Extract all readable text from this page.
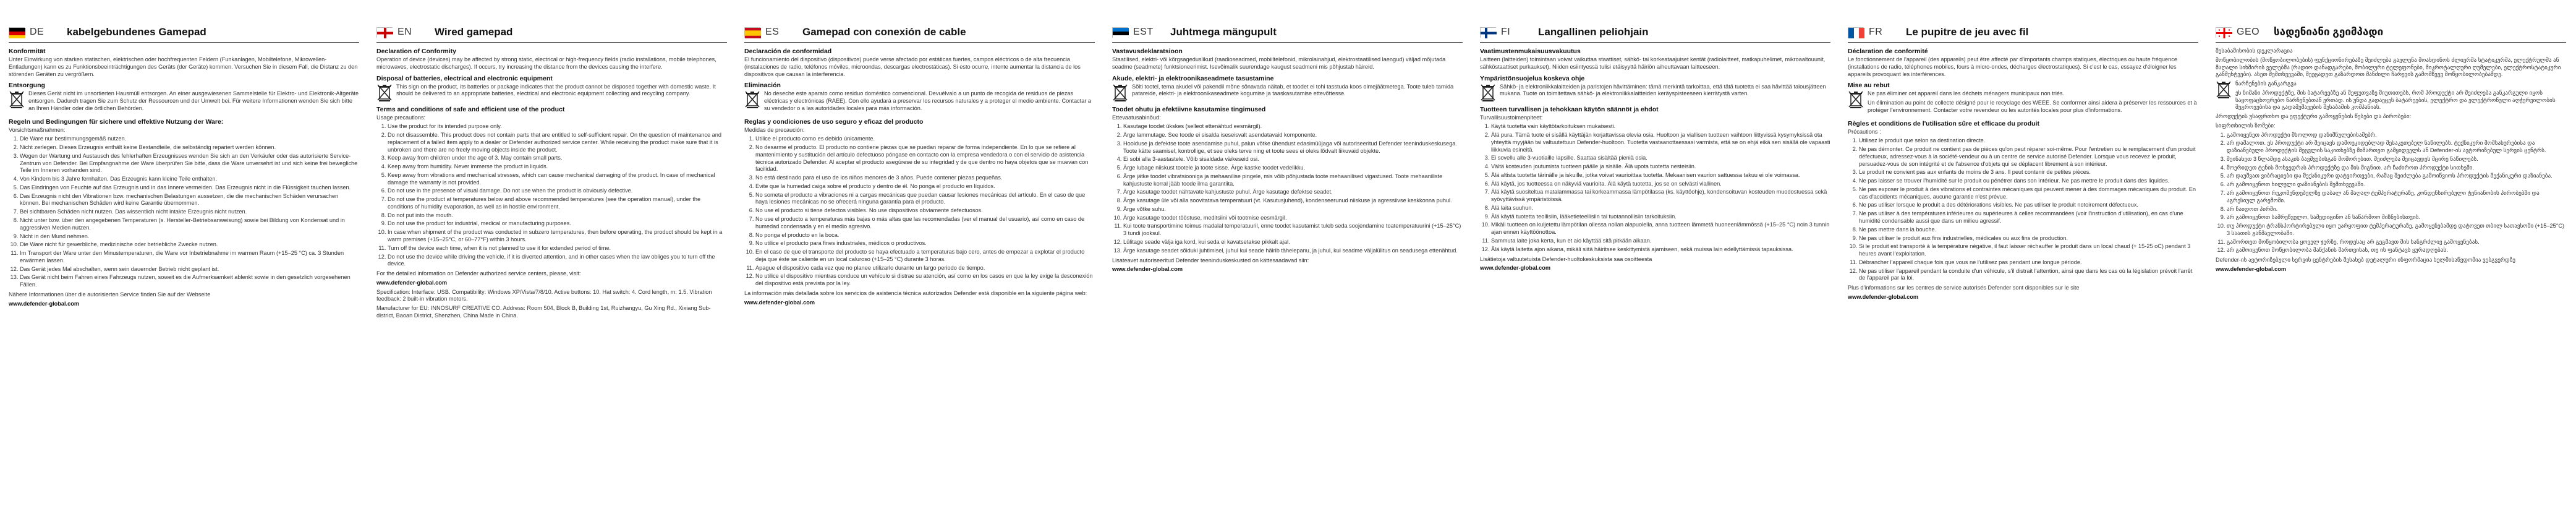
DE	kabelgebundenes Gamepad
Konformität

Unter Einwirkung von starken statischen, elektrischen oder hochfrequenten Feldern (Funkanlagen, Mobiltelefone, Mikrowellen-Entladungen) kann es zu Funktionsbeeinträchtigungen des Geräts (der Geräte) kommen. Versuchen Sie in diesem Fall, die Distanz zu den störenden Geräten zu vergrößern.

Entsorgung

Dieses Gerät nicht im unsortierten Hausmüll entsorgen. An einer ausgewiesenen Sammelstelle für Elektro- und Elektronik-Altgeräte entsorgen. Dadurch tragen Sie zum Schutz der Ressourcen und der Umwelt bei. Für weitere Informationen wenden Sie sich bitte an Ihren Händler oder die örtlichen Behörden.

Regeln und Bedingungen für sichere und effektive Nutzung der Ware:

Vorsichtsmaßnahmen:

1. Die Ware nur bestimmungsgemäß nutzen.
2. Nicht zerlegen. Dieses Erzeugnis enthält keine Bestandteile, die selbständig repariert werden können.
3. Wegen der Wartung und Austausch des fehlerhaften Erzeugnisses wenden Sie sich an den Verkäufer oder das autorisierte Service-Zentrum von Defender. Bei Empfangnahme der Ware überprüfen Sie bitte, dass die Ware unversehrt ist und sich keine frei bewegliche Teile im Inneren vorhanden sind.
4. Von Kindern bis 3 Jahre fernhalten. Das Erzeugnis kann kleine Teile enthalten.
5. Das Eindringen von Feuchte auf das Erzeugnis und in das Innere vermeiden. Das Erzeugnis nicht in die Flüssigkeit tauchen lassen.
6. Das Erzeugnis nicht den Vibrationen bzw. mechanischen Belastungen aussetzen, die die mechanischen Schäden verursachen können. Bei mechanischen Schäden wird keine Garantie übernommen.
7. Bei sichtbaren Schäden nicht nutzen. Das wissentlich nicht intakte Erzeugnis nicht nutzen.
8. Nicht unter bzw. über den angegebenen Temperaturen (s. Hersteller-Betriebsanweisung) sowie bei Bildung von Kondensat und in aggressiven Medien nutzen.
9. Nicht in den Mund nehmen.
10. Die Ware nicht für gewerbliche, medizinische oder betriebliche Zwecke nutzen.
11. Im Transport der Ware unter den Minustemperaturen, die Ware vor Inbetriebnahme im warmen Raum (+15–25 °C) ca. 3 Stunden erwärmen lassen.
12. Das Gerät jedes Mal abschalten, wenn sein dauernder Betrieb nicht geplant ist.
13. Das Gerät nicht beim Fahren eines Fahrzeugs nutzen, soweit es die Aufmerksamkeit ablenkt sowie in den gesetzlich vorgesehenen Fällen.

Nähere Informationen über die autorisierten Service finden Sie auf der Webseite

www.defender-global.com

EN	Wired gamepad
Declaration of Conformity

Operation of device (devices) may be affected by strong static, electrical or high-frequency fields (radio installations, mobile telephones, microwaves, electrostatic discharges). If occurs, try increasing the distance from the devices causing the interfere.

Disposal of batteries, electrical and electronic equipment

This sign on the product, its batteries or package indicates that the product cannot be disposed together with domestic waste. It should be delivered to an appropriate batteries, electrical and electronic equipment collecting and recycling company.

Terms and conditions of safe and efficient use of the product

Usage precautions:

1. Use the product for its intended purpose only.
2. Do not disassemble. This product does not contain parts that are entitled to self-sufficient repair. On the question of maintenance and replacement of a failed item apply to a dealer or Defender authorized service center. While receiving the product make sure that it is unbroken and there are no freely moving objects inside the product.
3. Keep away from children under the age of 3. May contain small parts.
4. Keep away from humidity. Never immerse the product in liquids.
5. Keep away from vibrations and mechanical stresses, which can cause mechanical damaging of the product. In case of mechanical damage the warranty is not provided.
6. Do not use in the presence of visual damage. Do not use when the product is obviously defective.
7. Do not use the product at temperatures below and above recommended temperatures (see the operation manual), under the conditions of humidity evaporation, as well as in hostile environment.
8. Do not put into the mouth.
9. Do not use the product for industrial, medical or manufacturing purposes.
10. In case when shipment of the product was conducted in subzero temperatures, then before operating, the product should be kept in a warm premises (+15–25°C, or 60–77°F) within 3 hours.
11. Turn off the device each time, when it is not planned to use it for extended period of time.
12. Do not use the device while driving the vehicle, if it is diverted attention, and in other cases when the law obliges you to turn off the device.

For the detailed information on Defender authorized service centers, please, visit:

www.defender-global.com

Specification: Interface: USB. Compatibility: Windows XP/Vista/7/8/10. Active buttons: 10. Hat switch: 4. Cord length, m: 1.5. Vibration feedback: 2 built-in vibration motors.

Manufacturer for EU: INNOSURF CREATIVE CO. Address: Room 504, Block B, Building 1st, Ruizhangyu, Gu Xing Rd., Xixiang Sub-district, Baoan District, Shenzhen, China Made in China.

ES	Gamepad con conexión de cable
Declaración de conformidad

El funcionamiento del dispositivo (dispositivos) puede verse afectado por estáticas fuertes, campos eléctricos o de alta frecuencia (instalaciones de radio, teléfonos móviles, microondas, descargas electrostáticas). Si esto ocurre, intente aumentar la distancia de los dispositivos que causan la interferencia.

Eliminación

No deseche este aparato como residuo doméstico convencional. Devuélvalo a un punto de recogida de residuos de piezas eléctricas y electrónicas (RAEE). Con ello ayudará a preservar los recursos naturales y a proteger el medio ambiente. Contactar a su vendedor o a las autoridades locales para más información.

Reglas y condiciones de uso seguro y eficaz del producto

Medidas de precaución:

1. Utilice el producto como es debido únicamente.
2. No desarme el producto. El producto no contiene piezas que se puedan reparar de forma independiente. En lo que se refiere al mantenimiento y sustitución del artículo defectuoso póngase en contacto con la empresa vendedora o con el servicio de asistencia técnica autorizado Defender. Al aceptar el producto asegúrese de su integridad y de que dentro no haya objetos que se muevan con facilidad.
3. No está destinado para el uso de los niños menores de 3 años. Puede contener piezas pequeñas.
4. Evite que la humedad caiga sobre el producto y dentro de él. No ponga el producto en líquidos.
5. No someta el producto a vibraciones ni a cargas mecánicas que puedan causar lesiones mecánicas del artículo. En el caso de que haya lesiones mecánicas no se ofrecerá ninguna garantía para el producto.
6. No use el producto si tiene defectos visibles. No use dispositivos obviamente defectuosos.
7. No use el producto a temperaturas más bajas o más altas que las recomendadas (ver el manual del usuario), así como en caso de humedad condensada y en el medio agresivo.
8. No ponga el producto en la boca.
9. No utilice el producto para fines industriales, médicos o productivos.
10. En el caso de que el transporte del producto se haya efectuado a temperaturas bajo cero, antes de empezar a explotar el producto deja que éste se caliente en un local caluroso (+15–25 °C) durante 3 horas.
11. Apague el dispositivo cada vez que no planee utilizarlo durante un largo periodo de tiempo.
12. No utilice el dispositivo mientras conduce un vehículo si distrae su atención, así como en los casos en que la ley exige la desconexión del dispositivo está prevista por la ley.

La información más detallada sobre los servicios de asistencia técnica autorizados Defender está disponible en la siguiente página web:

www.defender-global.com

EST	Juhtmega mängupult
Vastavusdeklaratsioon

Staatilised, elektri- või kõrgsageduslikud (raadioseadmed, mobiiltelefonid, mikrolainahjud, elektrostaatilised laengud) väljad mõjutada seadme (seadmete) funktsioneerimist. Isevõimalik suurendage kaugust seadmeni mis põhjustab häireid.

Akude, elektri- ja elektroonikaseadmete tasustamine

Sõlti tootel, tema akudel või pakendil mõne sõnavada näitab, et toodet ei tohi tasstuda koos olmejäätmetega. Toote tuleb tarnida patareide, elektri- ja elektroonikaseadmete kogumise ja taaskasutamise ettevõttesse.

Toodet ohutu ja efektiivne kasutamise tingimused

Ettevaatusabinõud:

1. Kasutage toodet ükskes (selleot ettenähtud eesmärgil).
2. Ärge lammutage. See toode ei sisalda iseseisvalt asendatavaid komponente.
3. Hoolduse ja defektse toote asendamise puhul, palun võtke ühendust edasimüüjaga või autoriseeritud Defender teeninduskeskusega. Toote kätte saamisel, kontrollige, et see oleks terve ning et toote sees ei oleks lõdvalt liikuvaid objekte.
4. Ei sobi alla 3-aastastele. Võib sisaldada väikeseid osi.
5. Ärge lubage niiskust tootele ja toote sisse. Ärge kastke toodet vedelikku.
6. Ärge jätke toodet vibratsiooniga ja mehaanilise pingele, mis võib põhjustada toote mehaanilised vigastused. Toote mehaaniliste kahjustuste korral jääb toode ilma garantiita.
7. Ärge kasutage toodet nähtavate kahjustuste puhul. Ärge kasutage defektse seadet.
8. Ärge kasutage üle või alla soovitatava temperatuuri (vt. Kasutusjuhend), kondenseerunud niiskuse ja agressiivse keskkonna puhul.
9. Ärge võtke suhu.
10. Ärge kasutage toodet tööstuse, meditsiini või tootmise eesmärgil.
11. Kui toote transportimine toimus madalal temperatuuril, enne toodet kasutamist tuleb seda soojendamine toatemperatuurini (+15–25°C) 3 tundi jooksul.
12. Lülitage seade välja iga kord, kui seda ei kavatsetakse pikkalt ajal.
13. Ärge kasutage seadet sõiduki juhtimisel, juhul kui seade häirib tähelepanu, ja juhul, kui seadme väljalülitus on seadusega ettenähtud.

Lisateavet autoriseeritud Defender teeninduskeskusted on kättesaadavad siin:

www.defender-global.com

FI	Langallinen peliohjain
Vaatimustenmukaisuusvakuutus

Laitteen (laitteiden) toimintaan voivat vaikuttaa staattiset, sähkö- tai korkeataajuiset kentät (radiolaitteet, matkapuhelimet, mikroaaltouunit, sähköstaattiset purkaukset). Niiden esiintyessä tulisi etäisyyttä häiriön aiheuttavaan laitteeseen.

Ympäristönsuojelua koskeva ohje

Sähkö- ja elektroniikkalaitteiden ja paristojen hävittäminen: tämä merkintä tarkoittaa, että tätä tuotetta ei saa hävittää talousjätteen mukana. Tuote on toimitettava sähkö- ja elektroniikkalaitteiden keräyspisteeseen kierrätystä varten.

Tuotteen turvallisen ja tehokkaan käytön säännöt ja ehdot

Turvallisuustoimenpiteet:

1. Käytä tuotetta vain käyttötarkoituksen mukaisesti.
2. Älä pura. Tämä tuote ei sisällä käyttäjän korjattavissa olevia osia. Huoltoon ja viallisen tuotteen vaihtoon liittyvissä kysymyksissä ota yhteyttä myyjään tai valtuutettuun Defender-huoltoon. Tuotetta vastaanottaessasi varmista, että se on ehjä eikä sen sisällä ole vapaasti liikkuvia esineitä.
3. Ei sovellu alle 3-vuotiaille lapsille. Saattaa sisältää pieniä osia.
4. Vältä kosteuden joutumista tuotteen päälle ja sisälle. Älä upota tuotetta nesteisiin.
5. Älä altista tuotetta tärinälle ja iskuille, jotka voivat vaurioittaa tuotetta. Mekaanisen vaurion sattuessa takuu ei ole voimassa.
6. Älä käytä, jos tuotteessa on näkyviä vaurioita. Älä käytä tuotetta, jos se on selvästi viallinen.
7. Älä käytä suositeltua matalammassa tai korkeammassa lämpötilassa (ks. käyttöohje), kondensoituvan kosteuden muodostuessa sekä syövyttävissä ympäristöissä.
8. Älä laita suuhun.
9. Älä käytä tuotetta teollisiin, lääketieteellisiin tai tuotannollisiin tarkoituksiin.
10. Mikäli tuotteen on kuljetettu lämpötilan ollessa nollan alapuolella, anna tuotteen lämmetä huoneenlämmössä (+15–25 °C) noin 3 tunnin ajan ennen käyttöönottoa.
11. Sammuta laite joka kerta, kun et aio käyttää sitä pitkään aikaan.
12. Älä käytä laitetta ajon aikana, mikäli siitä häiritsee keskittymistä ajamiseen, sekä muissa lain edellyttämissä tapauksissa.

Lisätietoja valtuutetuista Defender-huoltokeskuksista saa osoitteesta

www.defender-global.com

FR	Le pupitre de jeu avec fil
Déclaration de conformité

Le fonctionnement de l'appareil (des appareils) peut être affecté par d'importants champs statiques, électriques ou haute fréquence (installations de radio, téléphones mobiles, fours à micro-ondes, décharges électrostatiques). Si c'est le cas, essayez d'éloigner les appareils provoquant les interférences.

Mise au rebut

Ne pas éliminer cet appareil dans les déchets ménagers municipaux non triés.

Un élimination au point de collecte désigné pour le recyclage des WEEE. Se conformer ainsi aidera à préserver les ressources et à protéger l'environnement. Contacter votre revendeur ou les autorités locales pour plus d'informations.

Règles et conditions de l'utilisation sûre et efficace du produit

Précautions :

1. Utilisez le produit que selon sa destination directe.
2. Ne pas démonter. Ce produit ne contient pas de pièces qu'on peut réparer soi-même. Pour l'entretien ou le remplacement d'un produit défectueux, adressez-vous à la société-vendeur ou à un centre de service autorisé Defender. Lorsque vous recevez le produit, persuadez-vous de son intégrité et de l'absence d'objets qui se déplacent librement à son intérieur.
3. Le produit ne convient pas aux enfants de moins de 3 ans. Il peut contenir de petites pièces.
4. Ne pas laisser se trouver l'humidité sur le produit ou pénétrer dans son intérieur. Ne pas mettre le produit dans des liquides.
5. Ne pas exposer le produit à des vibrations et contraintes mécaniques qui peuvent mener à des dommages mécaniques du produit. En cas d'accidents mécaniques, aucune garantie n'est prévue.
6. Ne pas utiliser lorsque le produit a des détériorations visibles. Ne pas utiliser le produit notoirement défectueux.
7. Ne pas utiliser à des températures inférieures ou supérieures à celles recommandées (voir l'instruction d'utilisation), en cas d'une humidité condensable aussi que dans un milieu agressif.
8. Ne pas mettre dans la bouche.
9. Ne pas utiliser le produit aux fins industrielles, médicales ou aux fins de production.
10. Si le produit est transporté à la température négative, il faut laisser réchauffer le produit dans un local chaud (+ 15-25 oC) pendant 3 heures avant l'exploitation.
11. Débrancher l'appareil chaque fois que vous ne l'utilisez pas pendant une longue période.
12. Ne pas utiliser l'appareil pendant la conduite d'un véhicule, s'il distrait l'attention, ainsi que dans les cas où la législation prévoit l'arrêt de l'appareil par la loi.

Plus d'informations sur les centres de service autorisés Defender sont disponibles sur le site

www.defender-global.com

GEO	სადენიანი გეიმპადი

შესაბამისობის დეკლარაცია

მოწყობილობის (მოწყობილობების) ფუნქციონირებაზე შეიძლება გავლენა მოახდინოს ძლიერმა სტატიკურმა, ელექტრულმა ან მაღალი სიხშირის ველებმა (რადიო დანადგარები, მობილური ტელეფონები, მიკროტალღური ღუმელები, ელექტროსტატიკური განმუხტვები). ასეთ შემთხვევაში, შეეცადეთ გაზარდოთ მანძილი ჩარევის გამომწვევ მოწყობილობებამდე.

ნარჩენების განკარგვა

ეს ნიშანი პროდუქტზე, მის ბატარეებზე ან შეფუთვაზე მიუთითებს, რომ პროდუქტი არ შეიძლება განკარგული იყოს საყოფაცხოვრებო ნარჩენებთან ერთად. ის უნდა გადაეცეს ბატარეების, ელექტრო და ელექტრონული აღჭურვილობის შეგროვებისა და გადამუშავების შესაბამის კომპანიას.

პროდუქტის უსაფრთხო და ეფექტური გამოყენების წესები და პირობები:

სიფრთხილის ზომები:

1. გამოიყენეთ პროდუქტი მხოლოდ დანიშნულებისამებრ.
2. არ დაშალოთ. ეს პროდუქტი არ შეიცავს დამოუკიდებლად შესაკეთებელ ნაწილებს. ტექნიკური მომსახურებისა და დაზიანებული პროდუქტის შეცვლის საკითხებზე მიმართეთ გამყიდველს ან Defender-ის ავტორიზებულ სერვის ცენტრს.
3. შეინახეთ 3 წლამდე ასაკის ბავშვებისგან მოშორებით. შეიძლება შეიცავდეს მცირე ნაწილებს.
4. მოერიდეთ ტენის მოხვედრას პროდუქტზე და მის შიგნით. არ ჩაძიროთ პროდუქტი სითხეში.
5. არ დაუშვათ ვიბრაციები და მექანიკური დატვირთვები, რამაც შეიძლება გამოიწვიოს პროდუქტის მექანიკური დაზიანება.
6. არ გამოიყენოთ ხილული დაზიანების შემთხვევაში.
7. არ გამოიყენოთ რეკომენდებულზე დაბალ ან მაღალ ტემპერატურაზე, კონდენსირებული ტენიანობის პირობებში და აგრესიულ გარემოში.
8. არ ჩაიდოთ პირში.
9. არ გამოიყენოთ სამრეწველო, სამედიცინო ან საწარმოო მიზნებისთვის.
10. თუ პროდუქტი ტრანსპორტირებული იყო უარყოფით ტემპერატურაზე, გამოყენებამდე დატოვეთ თბილ სათავსოში (+15–25°C) 3 საათის განმავლობაში.
11. გამორთეთ მოწყობილობა ყოველ ჯერზე, როდესაც არ გეგმავთ მის ხანგრძლივ გამოყენებას.
12. არ გამოიყენოთ მოწყობილობა მანქანის მართვისას, თუ ის ფანტავს ყურადღებას.

Defender-ის ავტორიზებული სერვის ცენტრების შესახებ დეტალური ინფორმაცია ხელმისაწვდომია ვებგვერდზე

www.defender-global.com
